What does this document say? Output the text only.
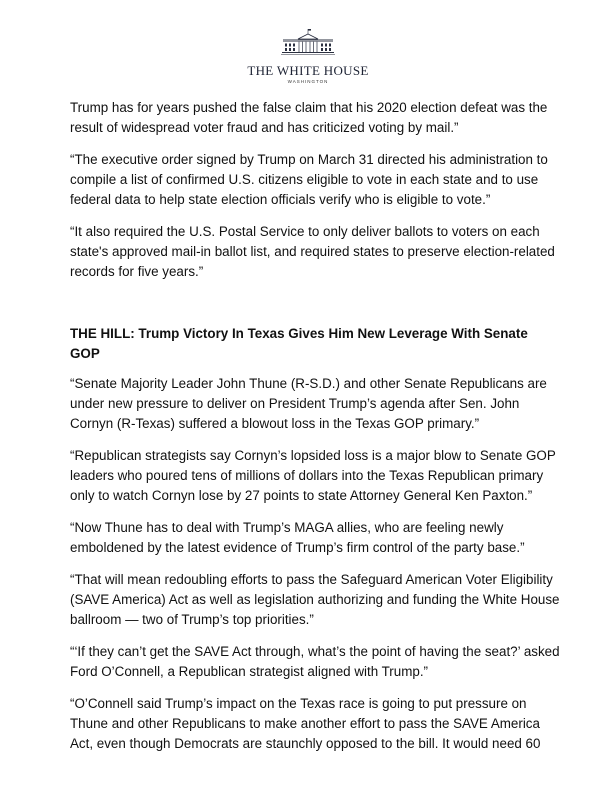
THE WHITE HOUSE
WASHINGTON

Trump has for years pushed the false claim that his 2020 election defeat was the result of widespread voter fraud and has criticized voting by mail.”

“The executive order signed by Trump on March 31 directed his administration to compile a list of confirmed U.S. citizens eligible to vote in each state and to use federal data to help state election officials verify who is eligible to vote.”

“It also required the U.S. Postal Service to only deliver ballots to voters on each state's approved mail-in ballot list, and required states to preserve election-related records for five years.”

THE HILL: Trump Victory In Texas Gives Him New Leverage With Senate GOP

“Senate Majority Leader John Thune (R-S.D.) and other Senate Republicans are under new pressure to deliver on President Trump’s agenda after Sen. John Cornyn (R-Texas) suffered a blowout loss in the Texas GOP primary.”

“Republican strategists say Cornyn’s lopsided loss is a major blow to Senate GOP leaders who poured tens of millions of dollars into the Texas Republican primary only to watch Cornyn lose by 27 points to state Attorney General Ken Paxton.”

“Now Thune has to deal with Trump’s MAGA allies, who are feeling newly emboldened by the latest evidence of Trump’s firm control of the party base.”

“That will mean redoubling efforts to pass the Safeguard American Voter Eligibility (SAVE America) Act as well as legislation authorizing and funding the White House ballroom — two of Trump’s top priorities.”

“‘If they can’t get the SAVE Act through, what’s the point of having the seat?’ asked Ford O’Connell, a Republican strategist aligned with Trump.”

“O’Connell said Trump’s impact on the Texas race is going to put pressure on Thune and other Republicans to make another effort to pass the SAVE America Act, even though Democrats are staunchly opposed to the bill. It would need 60
